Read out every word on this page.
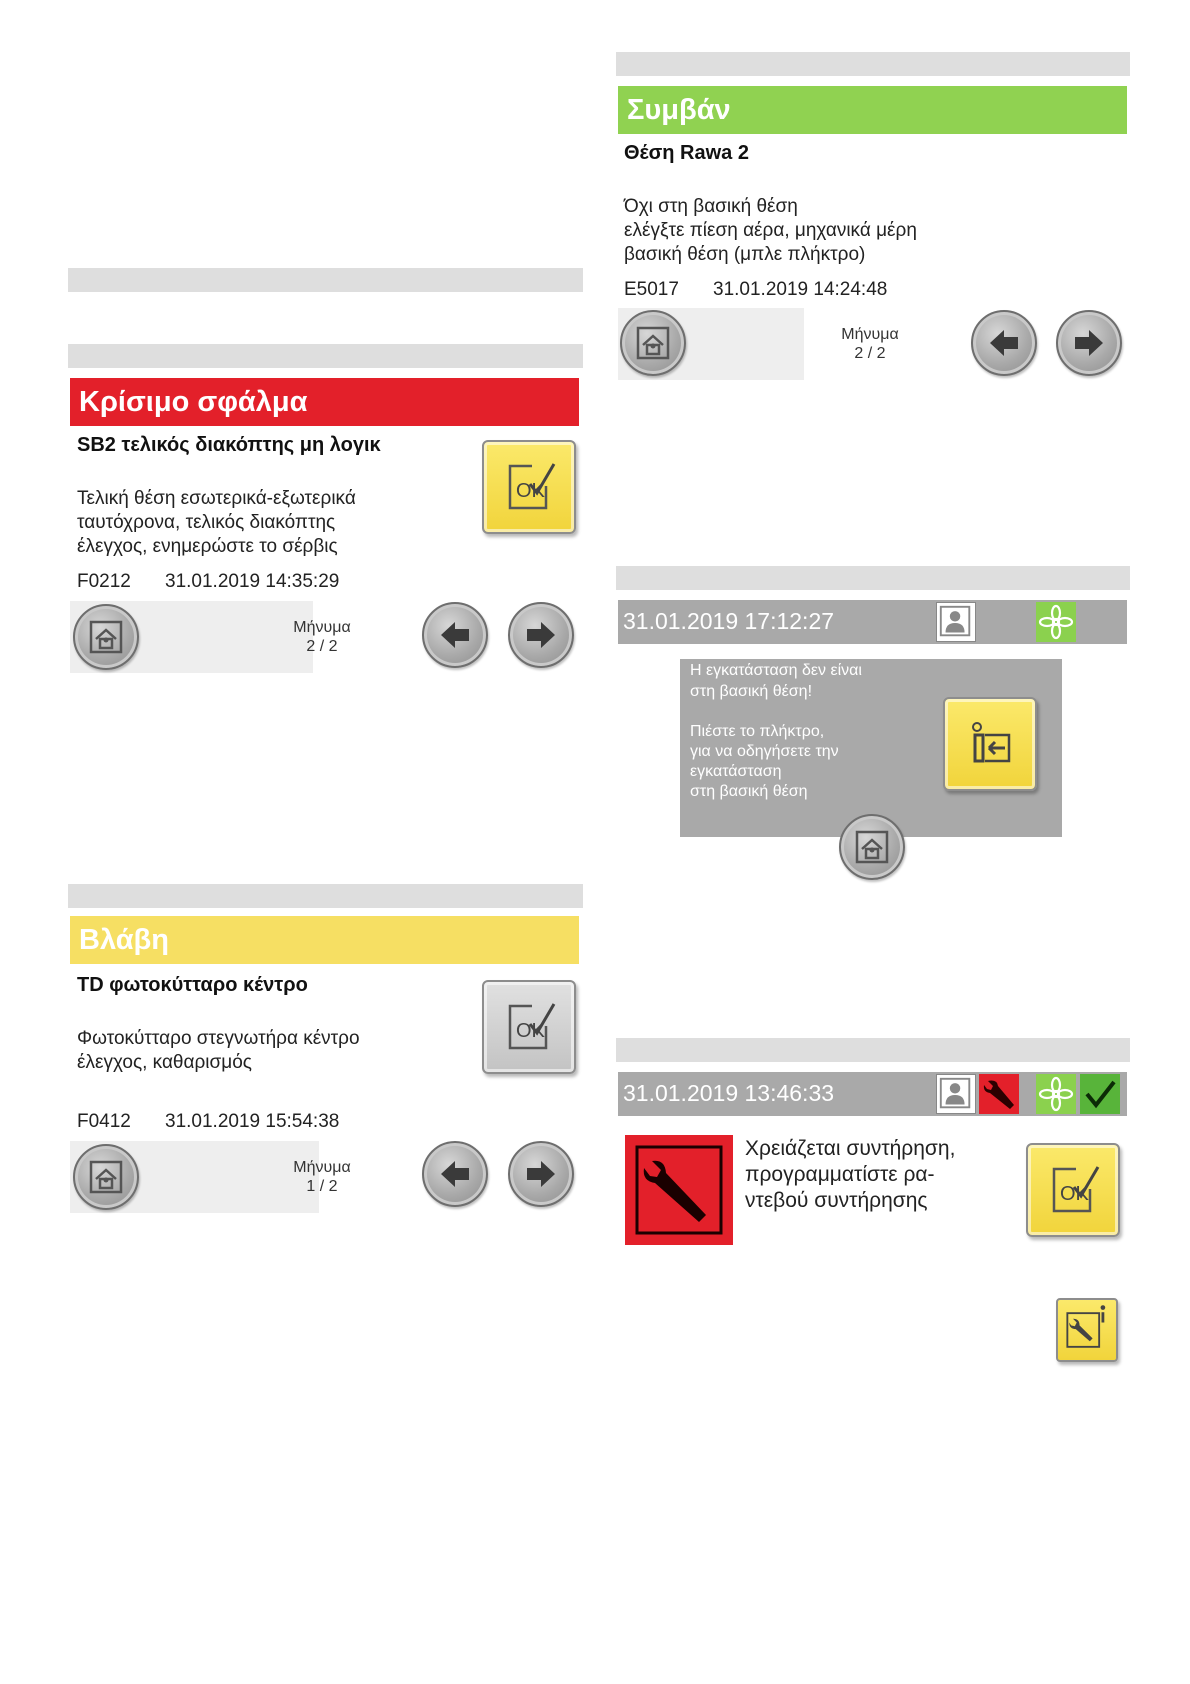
Κρίσιμο σφάλμα
SB2 τελικός διακόπτης μη λογικ
Τελική θέση εσωτερικά-εξωτερικά
ταυτόχρονα, τελικός διακόπτης
έλεγχος, ενημερώστε το σέρβις
F0212 31.01.2019 14:35:29
OK
Μήνυμα
2 / 2
Βλάβη
TD φωτοκύτταρο κέντρο
Φωτοκύτταρο στεγνωτήρα κέντρο
έλεγχος, καθαρισμός
F0412 31.01.2019 15:54:38
OK
Μήνυμα
1 / 2
Συμβάν
Θέση Rawa 2
Όχι στη βασική θέση
ελέγξτε πίεση αέρα, μηχανικά μέρη
βασική θέση (μπλε πλήκτρο)
E5017 31.01.2019 14:24:48
Μήνυμα
2 / 2
31.01.2019 17:12:27
Η εγκατάσταση δεν είναι
στη βασική θέση!
Πιέστε το πλήκτρο,
για να οδηγήσετε την
εγκατάσταση
στη βασική θέση
31.01.2019 13:46:33
Χρειάζεται συντήρηση,
προγραμματίστε ρα-
ντεβού συντήρησης	OK
